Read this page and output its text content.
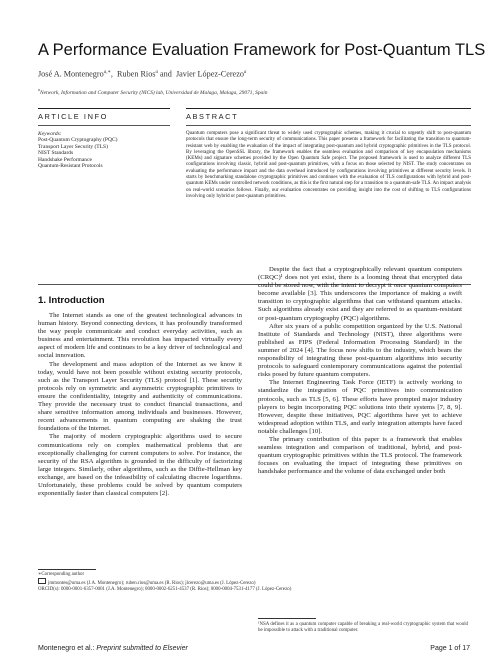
A Performance Evaluation Framework for Post-Quantum TLS
José A. Montenegro$^{a,∗}$,  Ruben Rios$^a$ and  Javier López-Cerezo$^a$
$^a$Network, Information and Computer Security (NICS) lab, Universidad de Malaga, Malaga, 29071, Spain
ARTICLE INFO	ABSTRACT
Keywords:
Post-Quantum Cryptography (PQC)
Transport Layer Security (TLS)
NIST Standards
Handshake Performance
Quantum-Resistant Protocols
Quantum computers pose a significant threat to widely used cryptographic schemes, making it crucial to urgently shift to post-quantum protocols that ensure the long-term security of communications. This paper presents a framework for facilitating the transition to quantum-resistant web by enabling the evaluation of the impact of integrating post-quantum and hybrid cryptographic primitives in the TLS protocol. By leveraging the OpenSSL library, the framework enables the seamless evaluation and comparison of key encapsulation mechanisms (KEMs) and signature schemes provided by the Open Quantum Safe project. The proposed framework is used to analyze different TLS configurations involving classic, hybrid and post-quantum primitives, with a focus on those selected by NIST. The study concentrates on evaluating the performance impact and the data overhead introduced by configurations involving primitives at different security levels. It starts by benchmarking standalone cryptographic primitives and continues with the evaluation of TLS configurations with hybrid and post-quantum KEMs under controlled network conditions, as this is the first natural step for a transition to a quantum-safe TLS. An impact analysis on real-world scenarios follows. Finally, our evaluation concentrates on providing insight into the cost of shifting to TLS configurations involving only hybrid or post-quantum primitives.
1. Introduction

The Internet stands as one of the greatest technological advances in human history. Beyond connecting devices, it has profoundly transformed the way people communicate and conduct everyday activities, such as business and entertainment. This revolution has impacted virtually every aspect of modern life and continues to be a key driver of technological and social innovation.

The development and mass adoption of the Internet as we know it today, would have not been possible without existing security protocols, such as the Transport Layer Security (TLS) protocol [1]. These security protocols rely on symmetric and asymmetric cryptographic primitives to ensure the confidentiality, integrity and authenticity of communications. They provide the necessary trust to conduct financial transactions, and share sensitive information among individuals and businesses. However, recent advancements in quantum computing are shaking the trust foundations of the Internet.

The majority of modern cryptographic algorithms used to secure communications rely on complex mathematical problems that are exceptionally challenging for current computers to solve. For instance, the security of the RSA algorithm is grounded in the difficulty of factorizing large integers. Similarly, other algorithms, such as the Diffie-Hellman key exchange, are based on the infeasibility of calculating discrete logarithms. Unfortunately, these problems could be solved by quantum computers exponentially faster than classical computers [2].

Despite the fact that a cryptographically relevant quantum computers (CRQC)¹ does not yet exist, there is a looming threat that encrypted data could be stored now, with the intent to decrypt it once quantum computers become available [3]. This underscores the importance of making a swift transition to cryptographic algorithms that can withstand quantum attacks. Such algorithms already exist and they are referred to as quantum-resistant or post-quantum cryptography (PQC) algorithms.

After six years of a public competition organized by the U.S. National Institute of Standards and Technology (NIST), three algorithms were published as FIPS (Federal Information Processing Standard) in the summer of 2024 [4]. The focus now shifts to the industry, which bears the responsibility of integrating these post-quantum algorithms into security protocols to safeguard contemporary communications against the potential risks posed by future quantum computers.

The Internet Engineering Task Force (IETF) is actively working to standardize the integration of PQC primitives into communication protocols, such as TLS [5, 6]. These efforts have prompted major industry players to begin incorporating PQC solutions into their systems [7, 8, 9]. However, despite these initiatives, PQC algorithms have yet to achieve widespread adoption within TLS, and early integration attempts have faced notable challenges [10].

The primary contribution of this paper is a framework that enables seamless integration and comparison of traditional, hybrid, and post-quantum cryptographic primitives within the TLS protocol. The framework focuses on evaluating the impact of integrating these primitives on handshake performance and the volume of data exchanged under both

∗Corresponding author
jmmontes@uma.es (J.A. Montenegro); ruben.rios@uma.es (R. Rios); jlcerezo@uma.es (J. López-Cerezo)
ORCID(s): 0000-0001-6357-0001 (J.A. Montenegro); 0000-0002-6251-4537 (R. Rios); 0000-0004-7531-4177 (J. López-Cerezo)
¹NSA defines it as a quantum computer capable of breaking a real-world cryptographic system that would be impossible to attack with a traditional computer.
Montenegro et al.: Preprint submitted to Elsevier	Page 1 of 17
